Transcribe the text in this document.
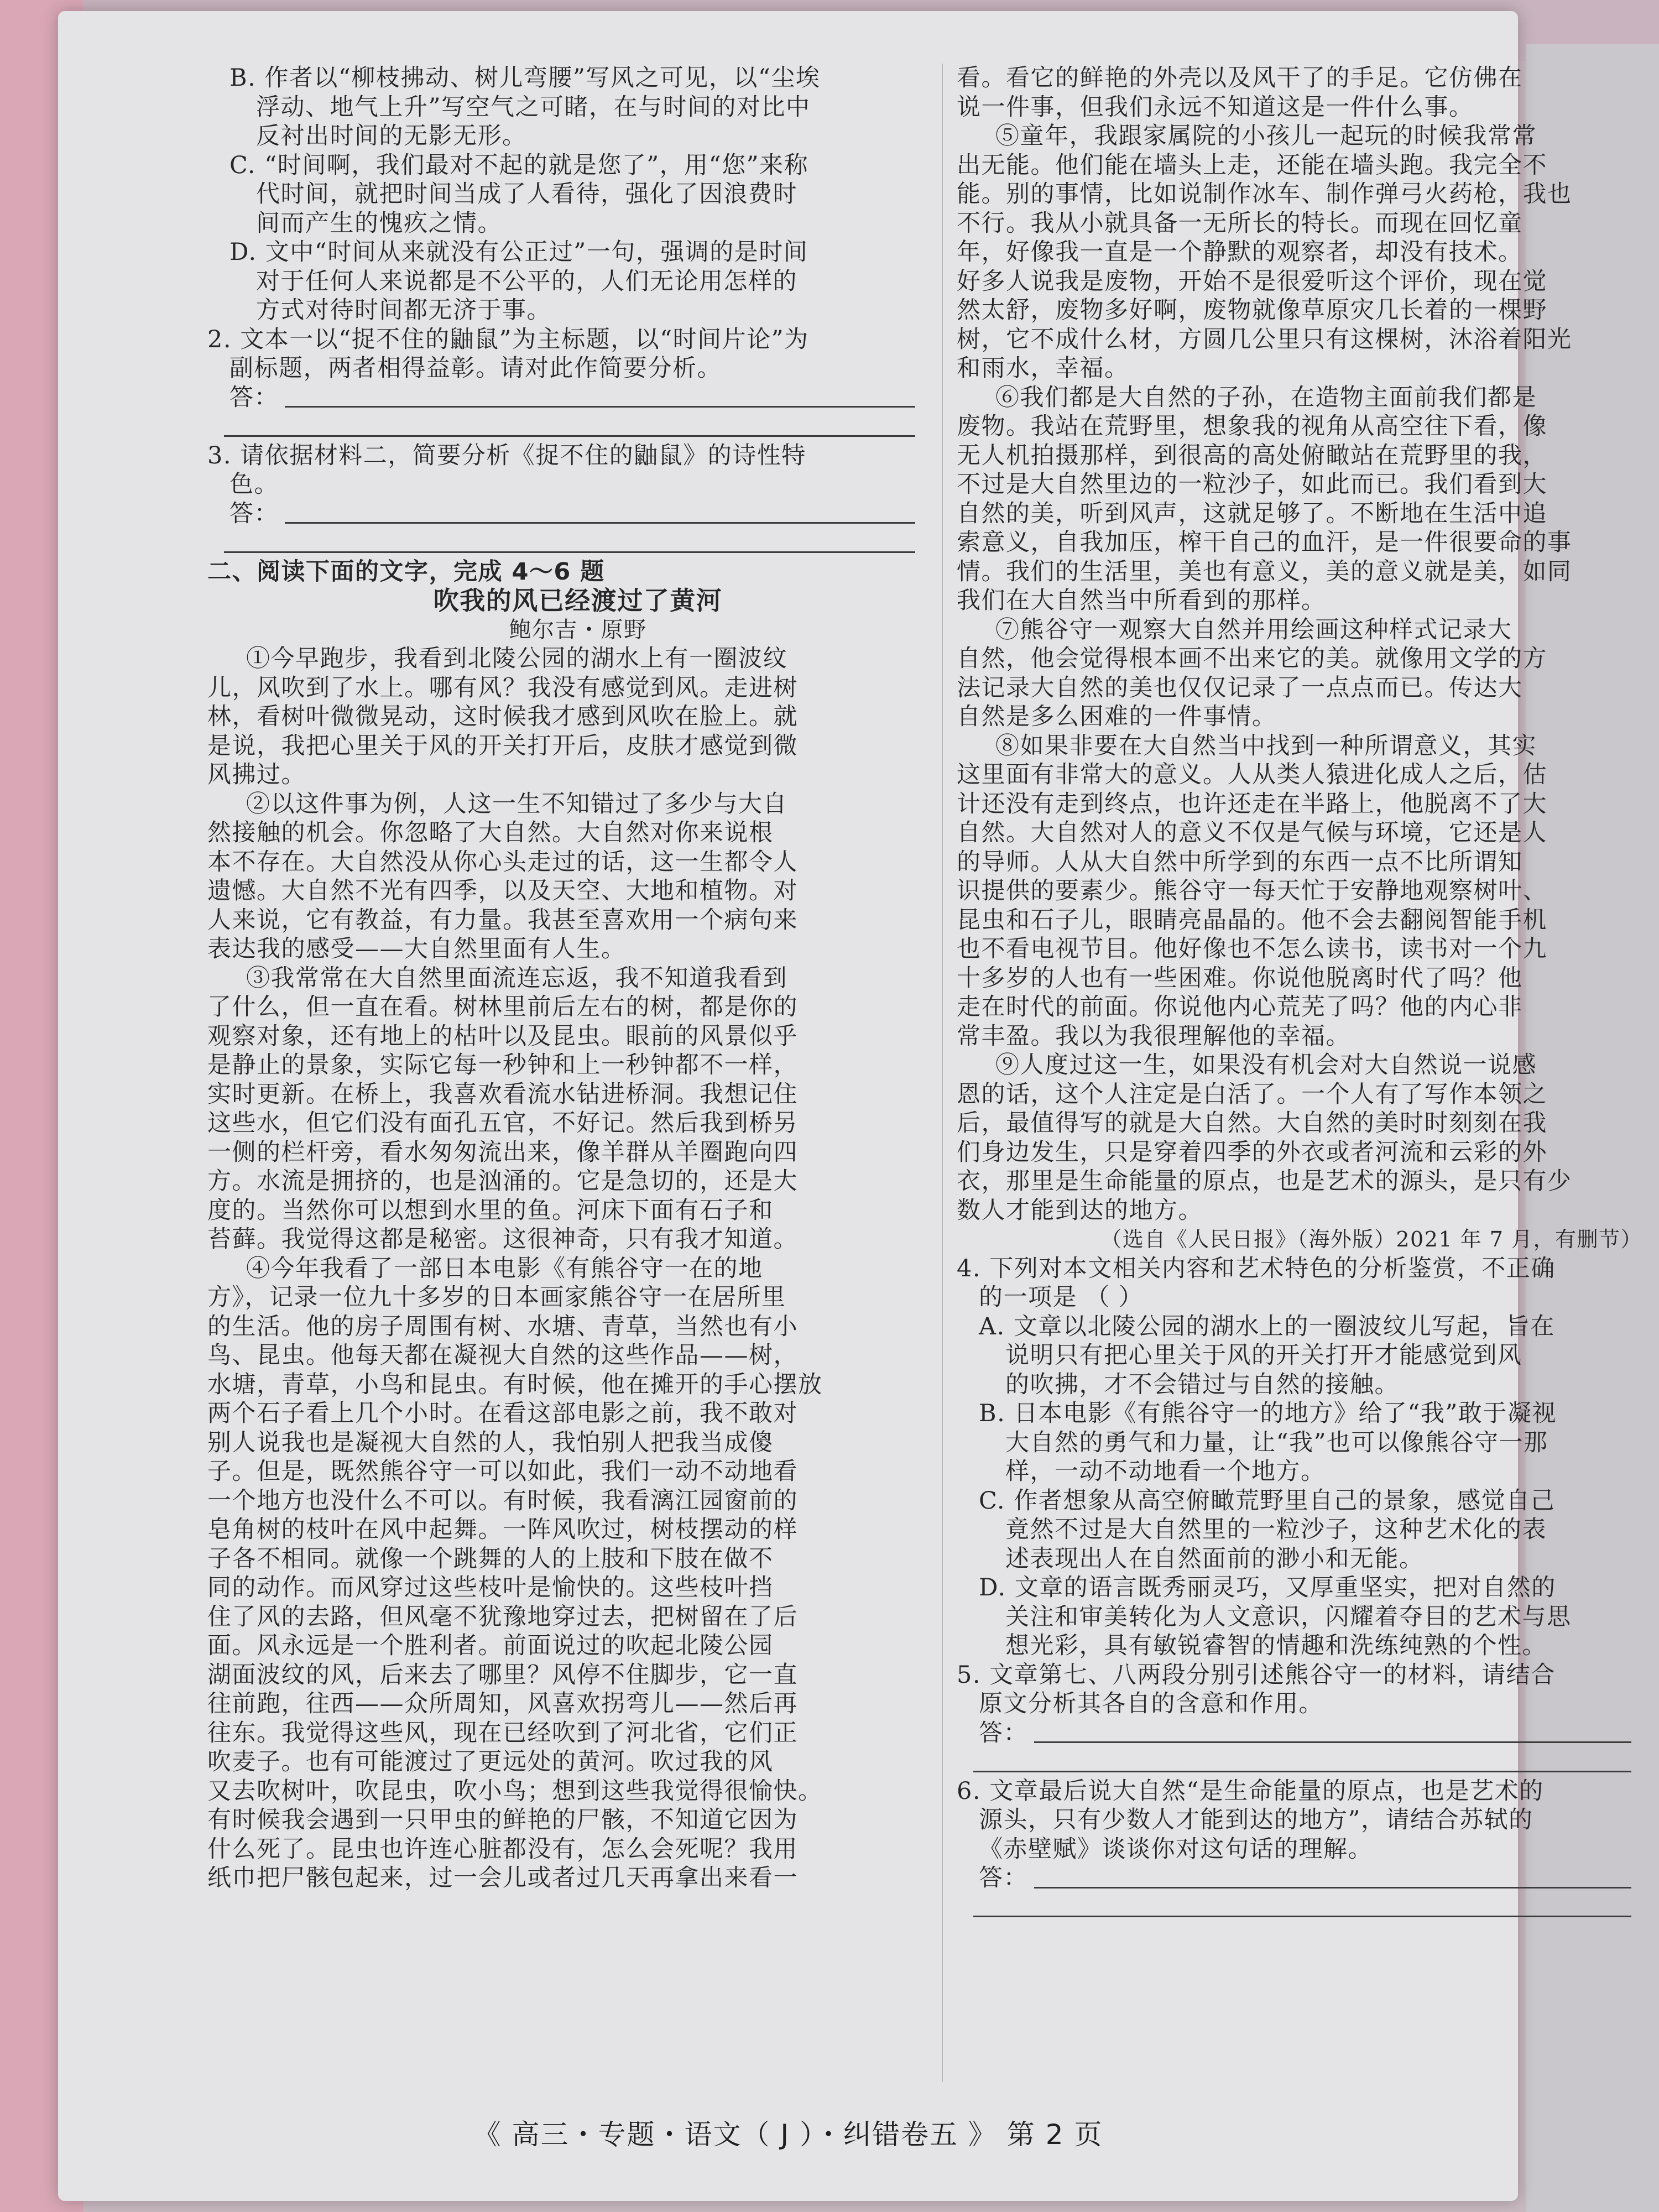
B. 作者以“柳枝拂动、树儿弯腰”写风之可见，以“尘埃
浮动、地气上升”写空气之可睹，在与时间的对比中
反衬出时间的无影无形。
C. “时间啊，我们最对不起的就是您了”，用“您”来称
代时间，就把时间当成了人看待，强化了因浪费时
间而产生的愧疚之情。
D. 文中“时间从来就没有公正过”一句，强调的是时间
对于任何人来说都是不公平的，人们无论用怎样的
方式对待时间都无济于事。
2. 文本一以“捉不住的鼬鼠”为主标题，以“时间片论”为
副标题，两者相得益彰。请对此作简要分析。
答：
3. 请依据材料二，简要分析《捉不住的鼬鼠》的诗性特
色。
答：
二、阅读下面的文字，完成 4～6 题
吹我的风已经渡过了黄河
鲍尔吉・原野
①今早跑步，我看到北陵公园的湖水上有一圈波纹
儿，风吹到了水上。哪有风？我没有感觉到风。走进树
林，看树叶微微晃动，这时候我才感到风吹在脸上。就
是说，我把心里关于风的开关打开后，皮肤才感觉到微
风拂过。
②以这件事为例，人这一生不知错过了多少与大自
然接触的机会。你忽略了大自然。大自然对你来说根
本不存在。大自然没从你心头走过的话，这一生都令人
遗憾。大自然不光有四季，以及天空、大地和植物。对
人来说，它有教益，有力量。我甚至喜欢用一个病句来
表达我的感受——大自然里面有人生。
③我常常在大自然里面流连忘返，我不知道我看到
了什么，但一直在看。树林里前后左右的树，都是你的
观察对象，还有地上的枯叶以及昆虫。眼前的风景似乎
是静止的景象，实际它每一秒钟和上一秒钟都不一样，
实时更新。在桥上，我喜欢看流水钻进桥洞。我想记住
这些水，但它们没有面孔五官，不好记。然后我到桥另
一侧的栏杆旁，看水匆匆流出来，像羊群从羊圈跑向四
方。水流是拥挤的，也是汹涌的。它是急切的，还是大
度的。当然你可以想到水里的鱼。河床下面有石子和
苔藓。我觉得这都是秘密。这很神奇，只有我才知道。
④今年我看了一部日本电影《有熊谷守一在的地
方》，记录一位九十多岁的日本画家熊谷守一在居所里
的生活。他的房子周围有树、水塘、青草，当然也有小
鸟、昆虫。他每天都在凝视大自然的这些作品——树，
水塘，青草，小鸟和昆虫。有时候，他在摊开的手心摆放
两个石子看上几个小时。在看这部电影之前，我不敢对
别人说我也是凝视大自然的人，我怕别人把我当成傻
子。但是，既然熊谷守一可以如此，我们一动不动地看
一个地方也没什么不可以。有时候，我看漓江园窗前的
皂角树的枝叶在风中起舞。一阵风吹过，树枝摆动的样
子各不相同。就像一个跳舞的人的上肢和下肢在做不
同的动作。而风穿过这些枝叶是愉快的。这些枝叶挡
住了风的去路，但风毫不犹豫地穿过去，把树留在了后
面。风永远是一个胜利者。前面说过的吹起北陵公园
湖面波纹的风，后来去了哪里？风停不住脚步，它一直
往前跑，往西——众所周知，风喜欢拐弯儿——然后再
往东。我觉得这些风，现在已经吹到了河北省，它们正
吹麦子。也有可能渡过了更远处的黄河。吹过我的风
又去吹树叶，吹昆虫，吹小鸟；想到这些我觉得很愉快。
有时候我会遇到一只甲虫的鲜艳的尸骸，不知道它因为
什么死了。昆虫也许连心脏都没有，怎么会死呢？我用
纸巾把尸骸包起来，过一会儿或者过几天再拿出来看一
看。看它的鲜艳的外壳以及风干了的手足。它仿佛在
说一件事，但我们永远不知道这是一件什么事。
⑤童年，我跟家属院的小孩儿一起玩的时候我常常
出无能。他们能在墙头上走，还能在墙头跑。我完全不
能。别的事情，比如说制作冰车、制作弹弓火药枪，我也
不行。我从小就具备一无所长的特长。而现在回忆童
年，好像我一直是一个静默的观察者，却没有技术。
好多人说我是废物，开始不是很爱听这个评价，现在觉
然太舒，废物多好啊，废物就像草原灾几长着的一棵野
树，它不成什么材，方圆几公里只有这棵树，沐浴着阳光
和雨水，幸福。
⑥我们都是大自然的子孙，在造物主面前我们都是
废物。我站在荒野里，想象我的视角从高空往下看，像
无人机拍摄那样，到很高的高处俯瞰站在荒野里的我，
不过是大自然里边的一粒沙子，如此而已。我们看到大
自然的美，听到风声，这就足够了。不断地在生活中追
索意义，自我加压，榨干自己的血汗，是一件很要命的事
情。我们的生活里，美也有意义，美的意义就是美，如同
我们在大自然当中所看到的那样。
⑦熊谷守一观察大自然并用绘画这种样式记录大
自然，他会觉得根本画不出来它的美。就像用文学的方
法记录大自然的美也仅仅记录了一点点而已。传达大
自然是多么困难的一件事情。
⑧如果非要在大自然当中找到一种所谓意义，其实
这里面有非常大的意义。人从类人猿进化成人之后，估
计还没有走到终点，也许还走在半路上，他脱离不了大
自然。大自然对人的意义不仅是气候与环境，它还是人
的导师。人从大自然中所学到的东西一点不比所谓知
识提供的要素少。熊谷守一每天忙于安静地观察树叶、
昆虫和石子儿，眼睛亮晶晶的。他不会去翻阅智能手机
也不看电视节目。他好像也不怎么读书，读书对一个九
十多岁的人也有一些困难。你说他脱离时代了吗？他
走在时代的前面。你说他内心荒芜了吗？他的内心非
常丰盈。我以为我很理解他的幸福。
⑨人度过这一生，如果没有机会对大自然说一说感
恩的话，这个人注定是白活了。一个人有了写作本领之
后，最值得写的就是大自然。大自然的美时时刻刻在我
们身边发生，只是穿着四季的外衣或者河流和云彩的外
衣，那里是生命能量的原点，也是艺术的源头，是只有少
数人才能到达的地方。
（选自《人民日报》（海外版）2021 年 7 月，有删节）
4. 下列对本文相关内容和艺术特色的分析鉴赏，不正确
的一项是 （ ）
A. 文章以北陵公园的湖水上的一圈波纹儿写起，旨在
说明只有把心里关于风的开关打开才能感觉到风
的吹拂，才不会错过与自然的接触。
B. 日本电影《有熊谷守一的地方》给了“我”敢于凝视
大自然的勇气和力量，让“我”也可以像熊谷守一那
样，一动不动地看一个地方。
C. 作者想象从高空俯瞰荒野里自己的景象，感觉自己
竟然不过是大自然里的一粒沙子，这种艺术化的表
述表现出人在自然面前的渺小和无能。
D. 文章的语言既秀丽灵巧，又厚重坚实，把对自然的
关注和审美转化为人文意识，闪耀着夺目的艺术与思
想光彩，具有敏锐睿智的情趣和洗练纯熟的个性。
5. 文章第七、八两段分别引述熊谷守一的材料，请结合
原文分析其各自的含意和作用。
答：
6. 文章最后说大自然“是生命能量的原点，也是艺术的
源头，只有少数人才能到达的地方”，请结合苏轼的
《赤壁赋》谈谈你对这句话的理解。
答：
《 高三・专题・语文（ J ）・纠错卷五 》 第 2 页
